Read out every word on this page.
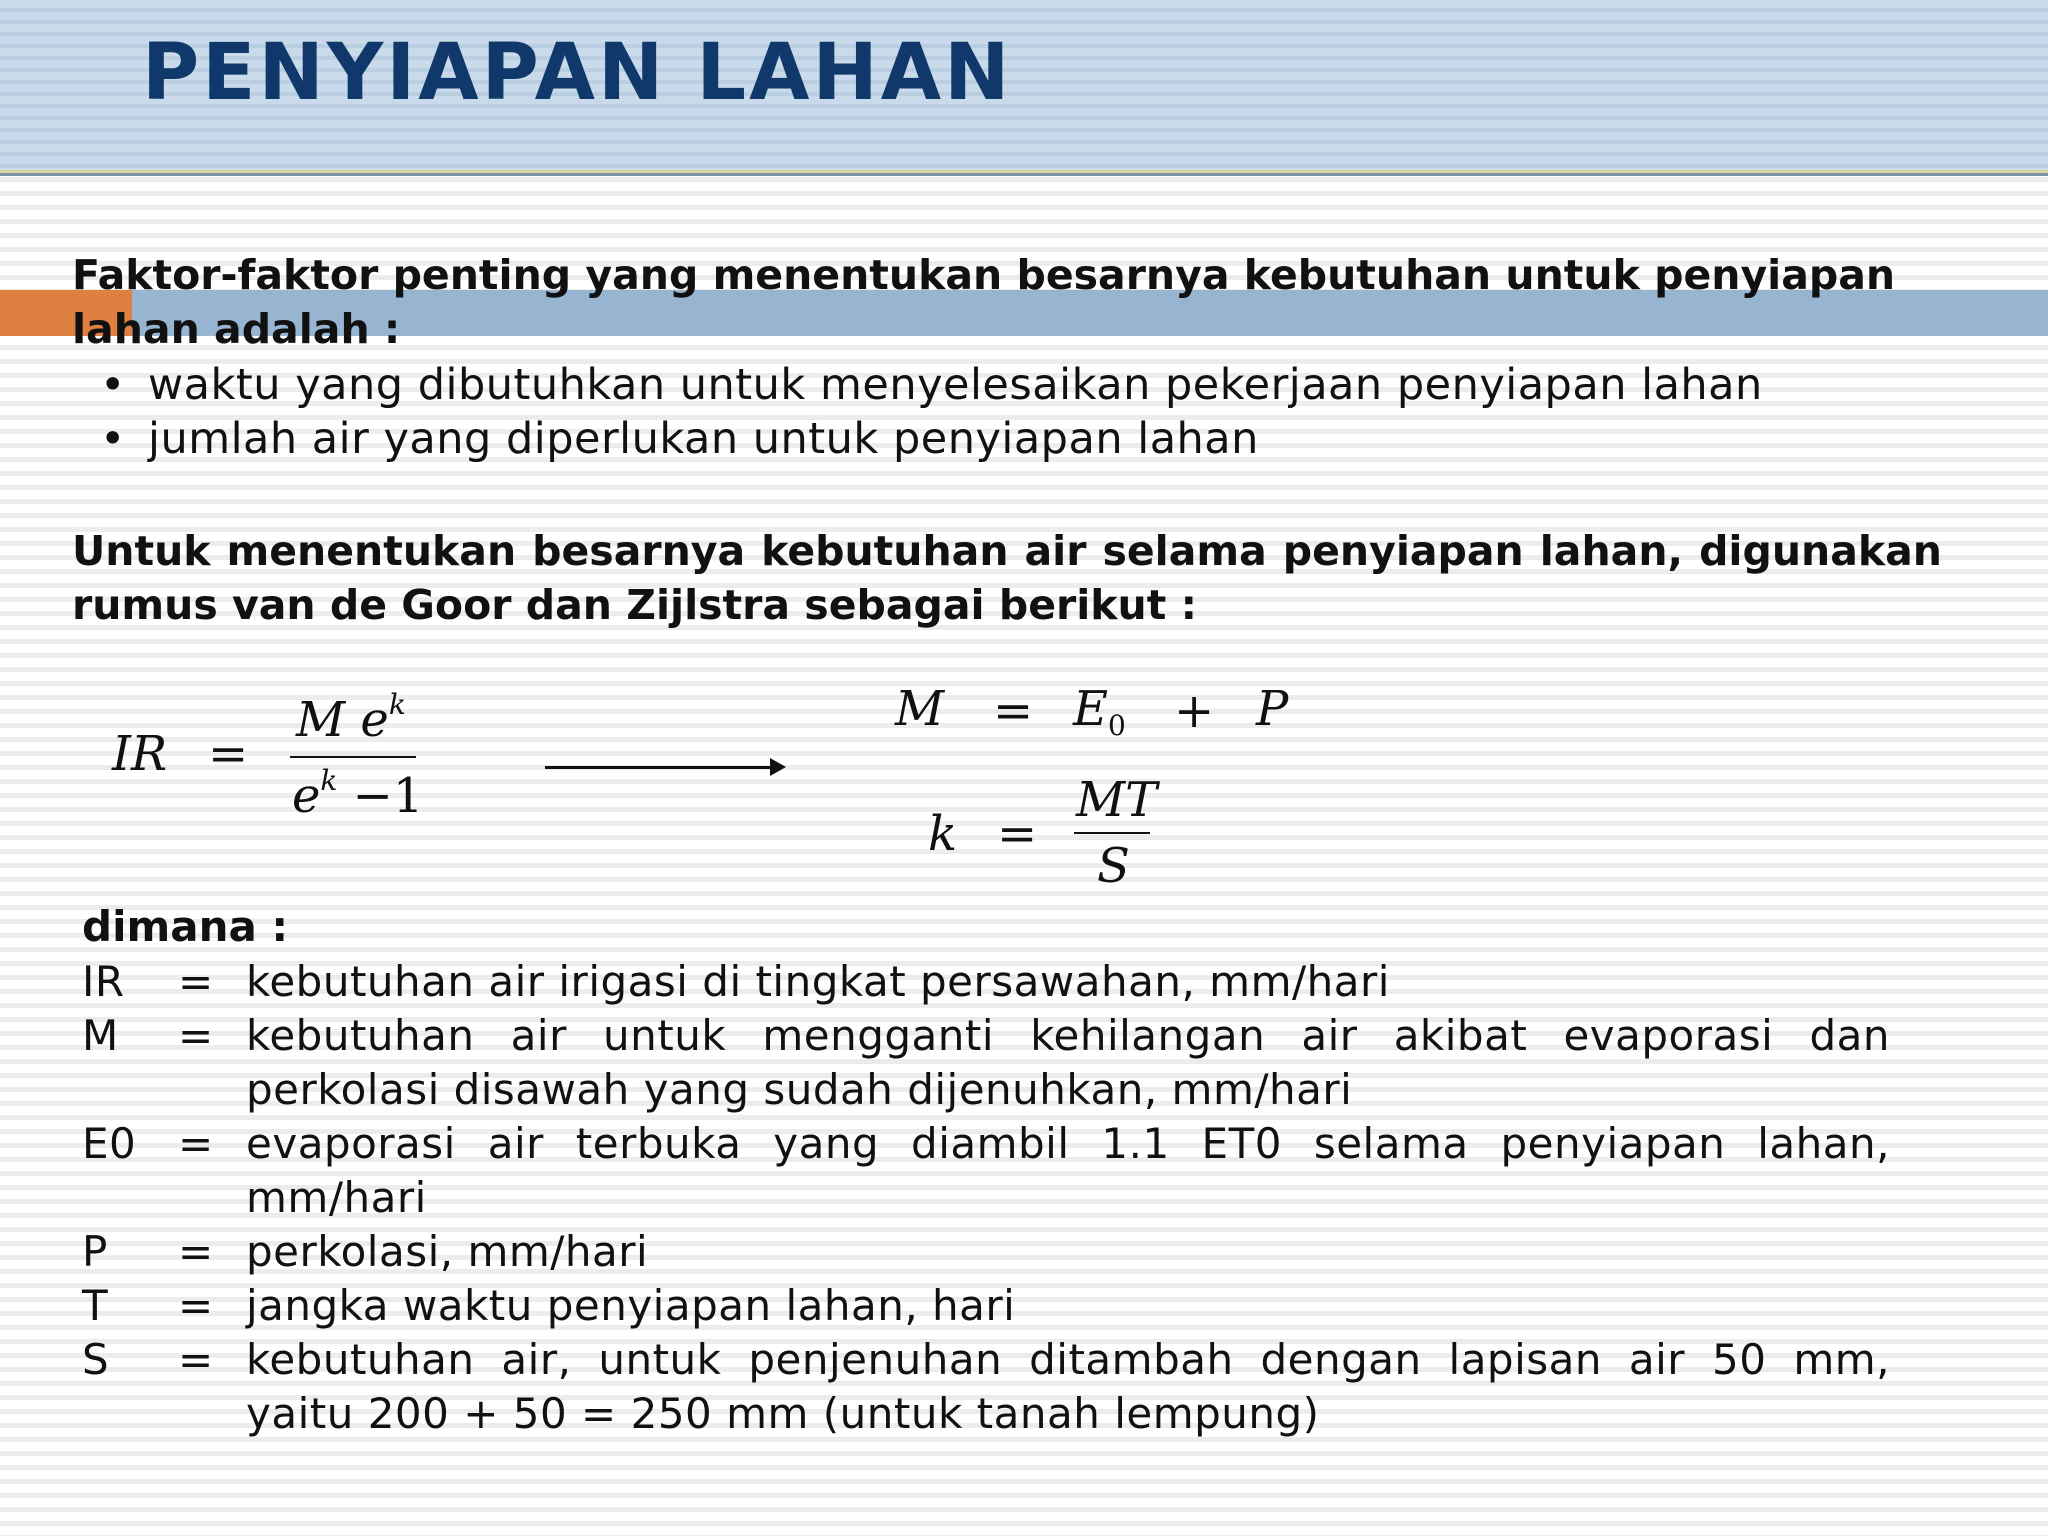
PENYIAPAN LAHAN

Faktor-faktor penting yang menentukan besarnya kebutuhan untuk penyiapan lahan adalah :

• waktu yang dibutuhkan untuk menyelesaikan pekerjaan penyiapan lahan
• jumlah air yang diperlukan untuk penyiapan lahan

Untuk menentukan besarnya kebutuhan air selama penyiapan lahan, digunakan rumus van de Goor dan Zijlstra sebagai berikut :

IR =
M $e^k$
$e^k -1$
$M = E_0 + P$
k =
MT
S

dimana :

IR	= kebutuhan air irigasi di tingkat persawahan, mm/hari
M	= kebutuhan air untuk mengganti kehilangan air akibat evaporasi dan perkolasi disawah yang sudah dijenuhkan, mm/hari
E0 = evaporasi air terbuka yang diambil 1.1 ET0 selama penyiapan lahan, mm/hari
P	= perkolasi, mm/hari
T	= jangka waktu penyiapan lahan, hari
S	= kebutuhan air, untuk penjenuhan ditambah dengan lapisan air 50 mm, yaitu 200 + 50 = 250 mm (untuk tanah lempung)
